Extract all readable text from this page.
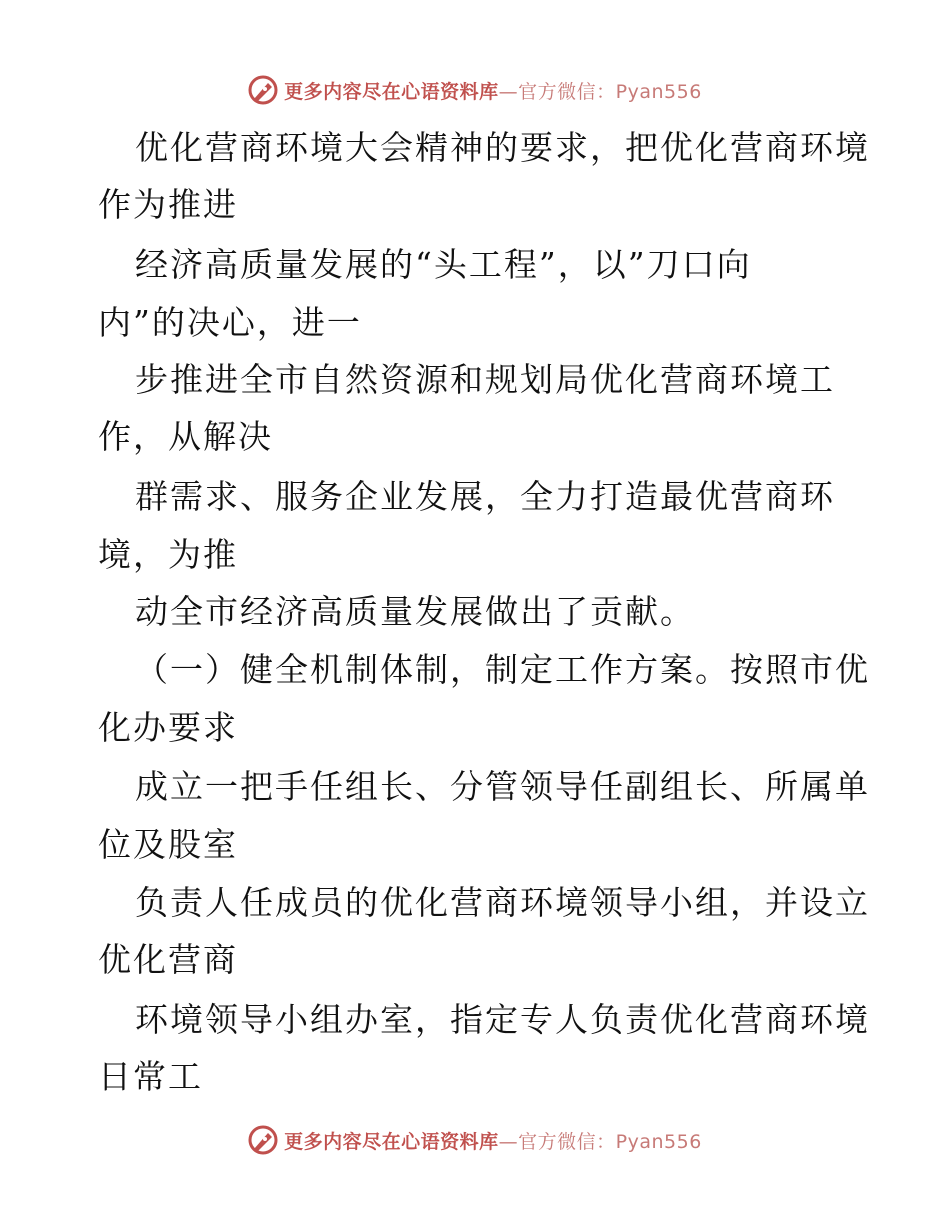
更多内容尽在心语资料库—官方微信：Pyan556
优化营商环境大会精神的要求，把优化营商环境
作为推进
经济高质量发展的“头工程”，以”刀口向
内”的决心，进一
步推进全市自然资源和规划局优化营商环境工
作，从解决
群需求、服务企业发展，全力打造最优营商环
境，为推
动全市经济高质量发展做出了贡献。
（一）健全机制体制，制定工作方案。按照市优
化办要求
成立一把手任组长、分管领导任副组长、所属单
位及股室
负责人任成员的优化营商环境领导小组，并设立
优化营商
环境领导小组办室，指定专人负责优化营商环境
日常工
更多内容尽在心语资料库—官方微信：Pyan556
